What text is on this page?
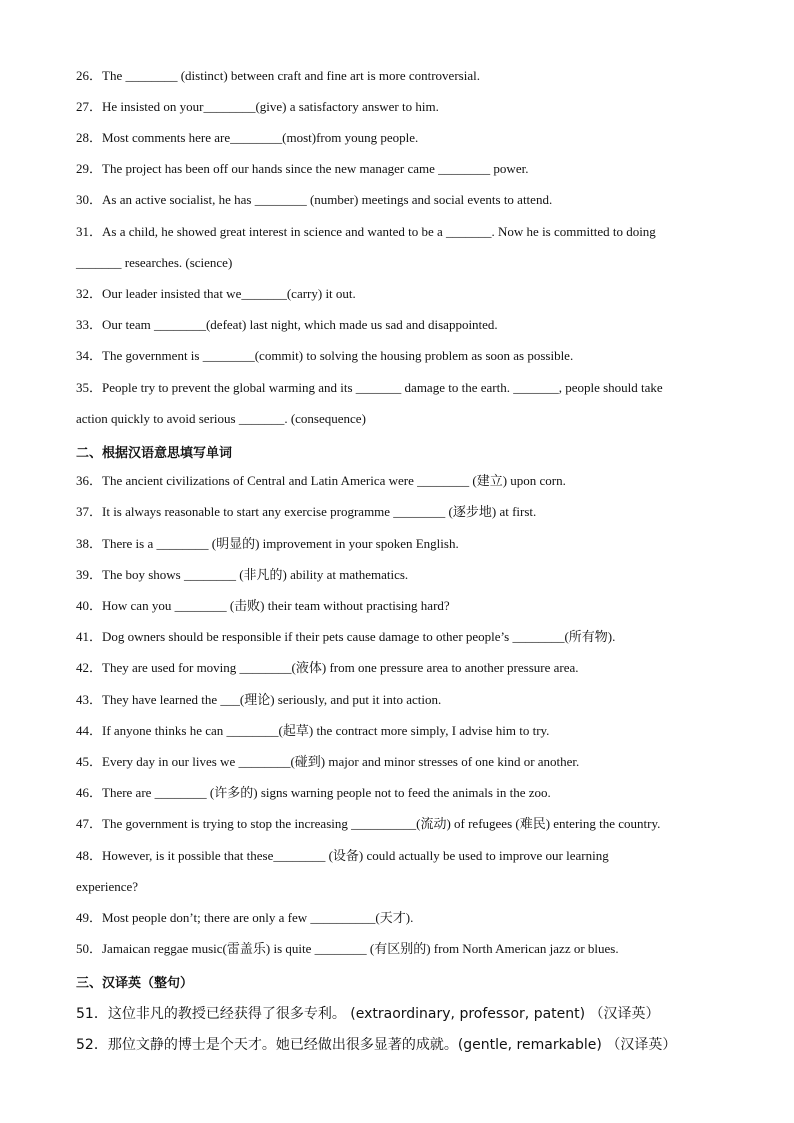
26．The ________ (distinct) between craft and fine art is more controversial.
27．He insisted on your________(give) a satisfactory answer to him.
28．Most comments here are________(most)from young people.
29．The project has been off our hands since the new manager came ________ power.
30．As an active socialist, he has ________ (number) meetings and social events to attend.
31．As a child, he showed great interest in science and wanted to be a _______. Now he is committed to doing
_______ researches. (science)
32．Our leader insisted that we_______(carry) it out.
33．Our team ________(defeat) last night, which made us sad and disappointed.
34．The government is ________(commit) to solving the housing problem as soon as possible.
35．People try to prevent the global warming and its _______ damage to the earth. _______, people should take
action quickly to avoid serious _______. (consequence)
二、根据汉语意思填写单词
36．The ancient civilizations of Central and Latin America were ________ (建立) upon corn.
37．It is always reasonable to start any exercise programme ________ (逐步地) at first.
38．There is a ________ (明显的) improvement in your spoken English.
39．The boy shows ________ (非凡的) ability at mathematics.
40．How can you ________ (击败) their team without practising hard?
41．Dog owners should be responsible if their pets cause damage to other people’s ________(所有物).
42．They are used for moving ________(液体) from one pressure area to another pressure area.
43．They have learned the ___(理论) seriously, and put it into action.
44．If anyone thinks he can ________(起草) the contract more simply, I advise him to try.
45．Every day in our lives we ________(碰到) major and minor stresses of one kind or another.
46．There are ________ (许多的) signs warning people not to feed the animals in the zoo.
47．The government is trying to stop the increasing __________(流动) of refugees (难民) entering the country.
48．However, is it possible that these________ (设备) could actually be used to improve our learning
experience?
49．Most people don’t; there are only a few __________(天才).
50．Jamaican reggae music(雷盖乐) is quite ________ (有区别的) from North American jazz or blues.
三、汉译英（整句）
51．这位非凡的教授已经获得了很多专利。 (extraordinary, professor, patent) （汉译英）
52．那位文静的博士是个天才。她已经做出很多显著的成就。(gentle, remarkable) （汉译英）
